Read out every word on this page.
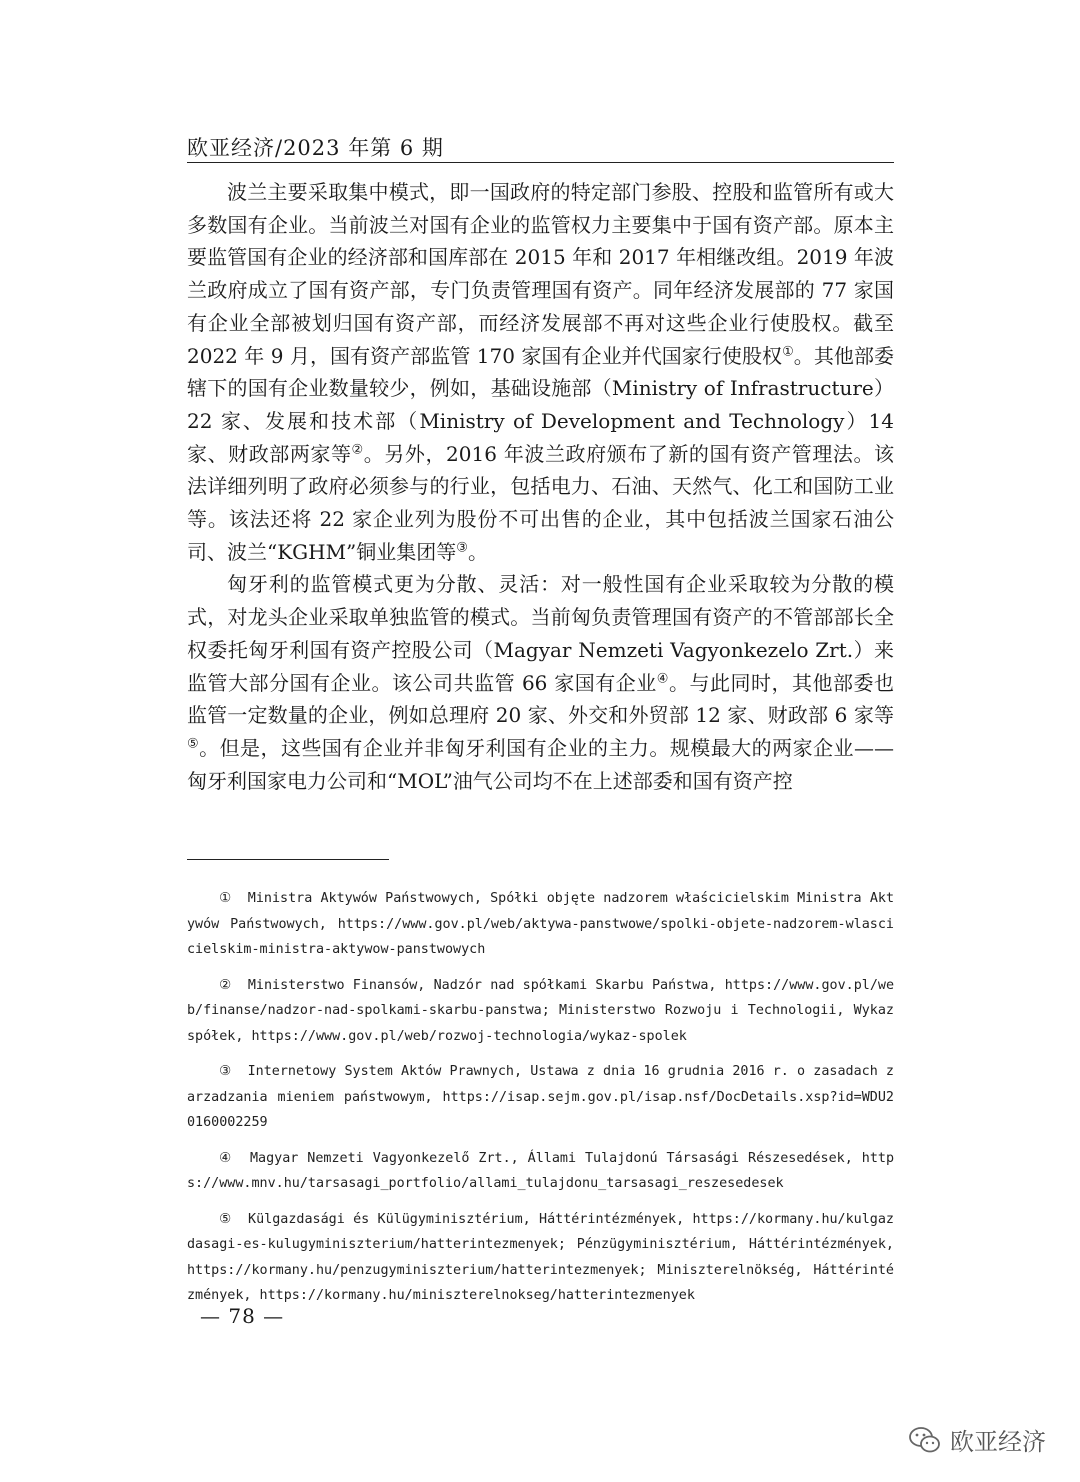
欧亚经济/2023 年第 6 期

波兰主要采取集中模式，即一国政府的特定部门参股、控股和监管所有或大多数国有企业。当前波兰对国有企业的监管权力主要集中于国有资产部。原本主要监管国有企业的经济部和国库部在 2015 年和 2017 年相继改组。2019 年波兰政府成立了国有资产部，专门负责管理国有资产。同年经济发展部的 77 家国有企业全部被划归国有资产部，而经济发展部不再对这些企业行使股权。截至 2022 年 9 月，国有资产部监管 170 家国有企业并代国家行使股权①。其他部委辖下的国有企业数量较少，例如，基础设施部（Ministry of Infrastructure）22 家、发展和技术部（Ministry of Development and Technology）14 家、财政部两家等②。另外，2016 年波兰政府颁布了新的国有资产管理法。该法详细列明了政府必须参与的行业，包括电力、石油、天然气、化工和国防工业等。该法还将 22 家企业列为股份不可出售的企业，其中包括波兰国家石油公司、波兰“KGHM”铜业集团等③。

匈牙利的监管模式更为分散、灵活：对一般性国有企业采取较为分散的模式，对龙头企业采取单独监管的模式。当前匈负责管理国有资产的不管部部长全权委托匈牙利国有资产控股公司（Magyar Nemzeti Vagyonkezelo Zrt.）来监管大部分国有企业。该公司共监管 66 家国有企业④。与此同时，其他部委也监管一定数量的企业，例如总理府 20 家、外交和外贸部 12 家、财政部 6 家等⑤。但是，这些国有企业并非匈牙利国有企业的主力。规模最大的两家企业——匈牙利国家电力公司和“MOL”油气公司均不在上述部委和国有资产控

① Ministra Aktywów Państwowych, Spółki objęte nadzorem właścicielskim Ministra Aktywów Państwowych, https://www.gov.pl/web/aktywa-panstwowe/spolki-objete-nadzorem-wlascicielskim-ministra-aktywow-panstwowych

② Ministerstwo Finansów, Nadzór nad spółkami Skarbu Państwa, https://www.gov.pl/web/finanse/nadzor-nad-spolkami-skarbu-panstwa; Ministerstwo Rozwoju i Technologii, Wykaz spółek, https://www.gov.pl/web/rozwoj-technologia/wykaz-spolek

③ Internetowy System Aktów Prawnych, Ustawa z dnia 16 grudnia 2016 r. o zasadach zarzadzania mieniem państwowym, https://isap.sejm.gov.pl/isap.nsf/DocDetails.xsp?id=WDU20160002259

④ Magyar Nemzeti Vagyonkezelő Zrt., Állami Tulajdonú Társasági Részesedések, https://www.mnv.hu/tarsasagi_portfolio/allami_tulajdonu_tarsasagi_reszesedesek

⑤ Külgazdasági és Külügyminisztérium, Háttérintézmények, https://kormany.hu/kulgazdasagi-es-kulugyminiszterium/hatterintezmenyek; Pénzügyminisztérium, Háttérintézmények, https://kormany.hu/penzugyminiszterium/hatterintezmenyek; Miniszterelnökség, Háttérintézmények, https://kormany.hu/miniszterelnokseg/hatterintezmenyek

— 78 —
欧亚经济
